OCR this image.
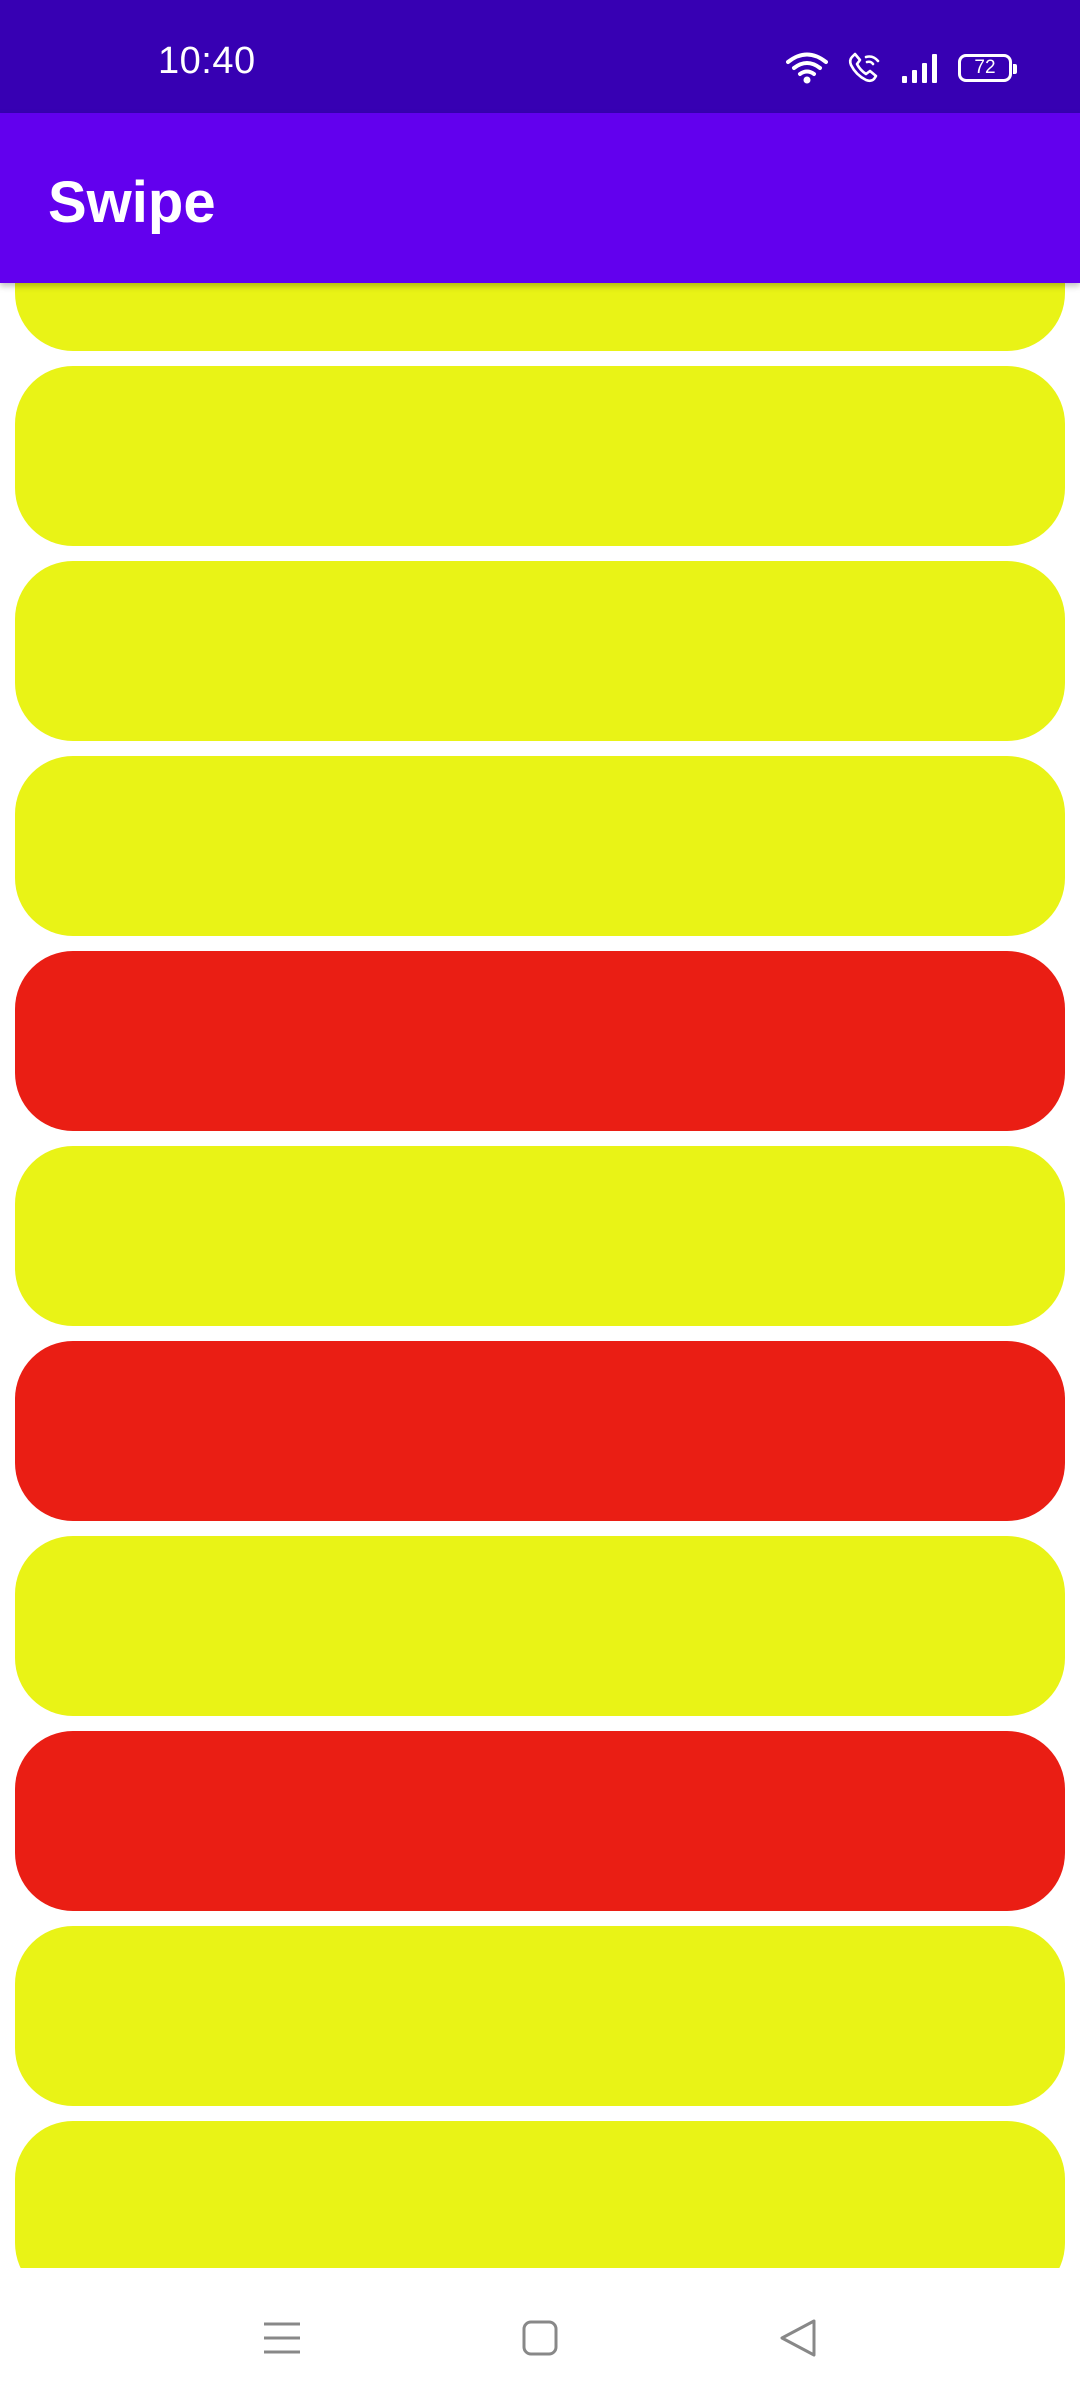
10:40	72
Swipe
